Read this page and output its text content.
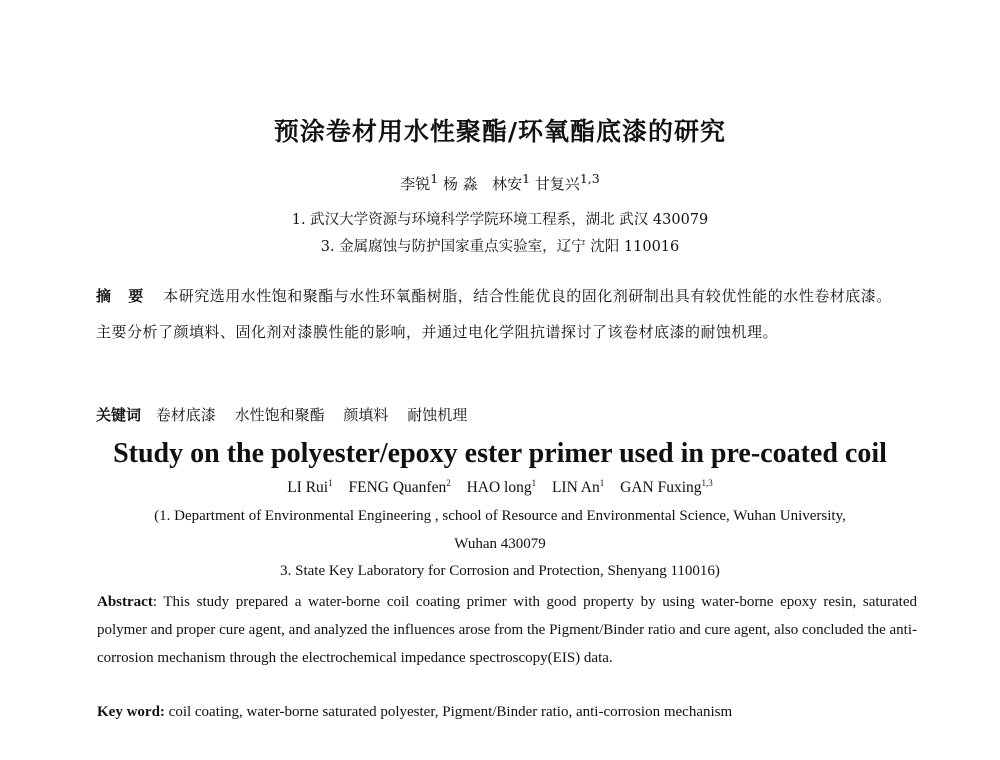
预涂卷材用水性聚酯/环氧酯底漆的研究
李锐$^1$ 杨 淼 林安$^1$ 甘复兴$^{1,3}$
1. 武汉大学资源与环境科学学院环境工程系，湖北 武汉 430079
3. 金属腐蚀与防护国家重点实验室，辽宁 沈阳 110016
摘 要 本研究选用水性饱和聚酯与水性环氧酯树脂，结合性能优良的固化剂研制出具有较优性能的水性卷材底漆。主要分析了颜填料、固化剂对漆膜性能的影响，并通过电化学阻抗谱探讨了该卷材底漆的耐蚀机理。
关键词 卷材底漆 水性饱和聚酯 颜填料 耐蚀机理
Study on the polyester/epoxy ester primer used in pre-coated coil
LI Rui$^1$ FENG Quanfen$^2$ HAO long$^1$ LIN An$^1$ GAN Fuxing$^{1,3}$
(1. Department of Environmental Engineering , school of Resource and Environmental Science, Wuhan University,
Wuhan 430079
3. State Key Laboratory for Corrosion and Protection, Shenyang 110016)
Abstract: This study prepared a water-borne coil coating primer with good property by using water-borne epoxy resin, saturated polymer and proper cure agent, and analyzed the influences arose from the Pigment/Binder ratio and cure agent, also concluded the anti-corrosion mechanism through the electrochemical impedance spectroscopy(EIS) data.
Key word: coil coating, water-borne saturated polyester, Pigment/Binder ratio, anti-corrosion mechanism
